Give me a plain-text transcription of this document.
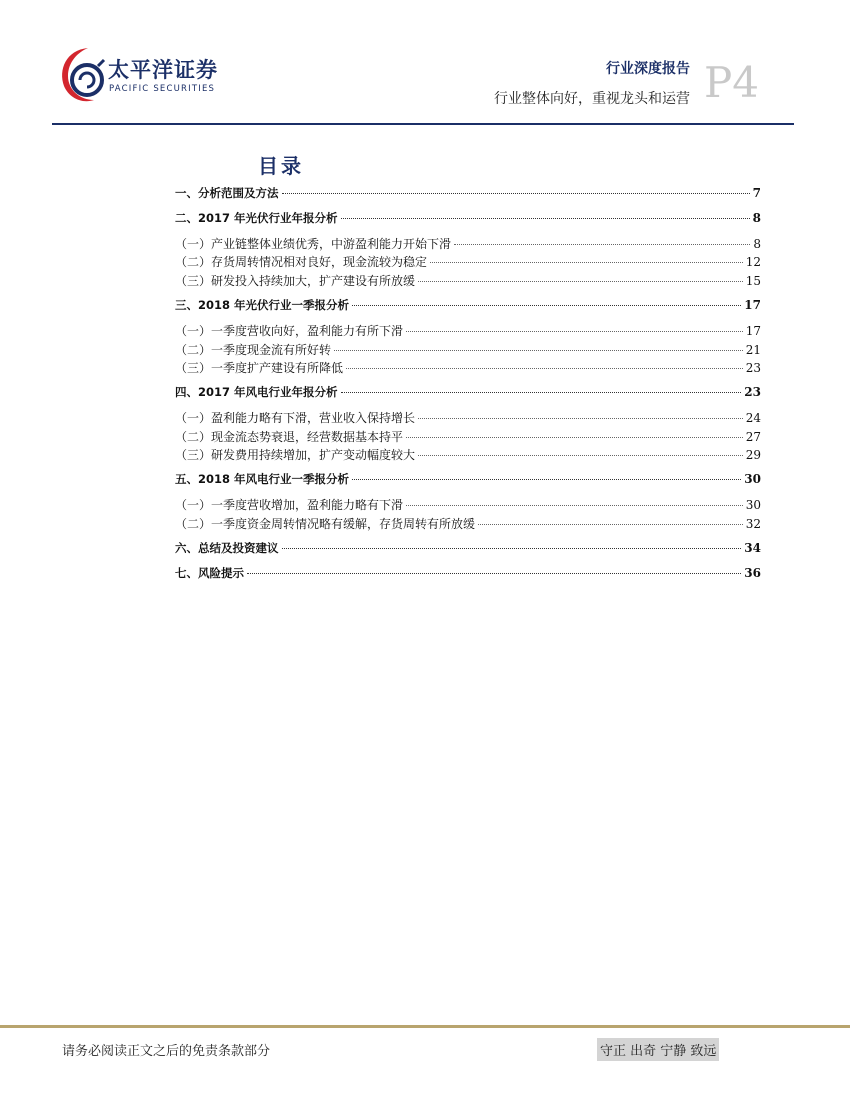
太平洋证券
PACIFIC SECURITIES
行业深度报告
行业整体向好，重视龙头和运营 P4
目录
一、分析范围及方法	7
二、2017 年光伏行业年报分析	8
（一）产业链整体业绩优秀，中游盈利能力开始下滑	8
（二）存货周转情况相对良好，现金流较为稳定	12
（三）研发投入持续加大，扩产建设有所放缓	15
三、2018 年光伏行业一季报分析	17
（一）一季度营收向好，盈利能力有所下滑	17
（二）一季度现金流有所好转	21
（三）一季度扩产建设有所降低	23
四、2017 年风电行业年报分析	23
（一）盈利能力略有下滑，营业收入保持增长	24
（二）现金流态势衰退，经营数据基本持平	27
（三）研发费用持续增加，扩产变动幅度较大	29
五、2018 年风电行业一季报分析	30
（一）一季度营收增加，盈利能力略有下滑	30
（二）一季度资金周转情况略有缓解，存货周转有所放缓	32
六、总结及投资建议	34
七、风险提示	36
请务必阅读正文之后的免责条款部分	守正 出奇 宁静 致远
